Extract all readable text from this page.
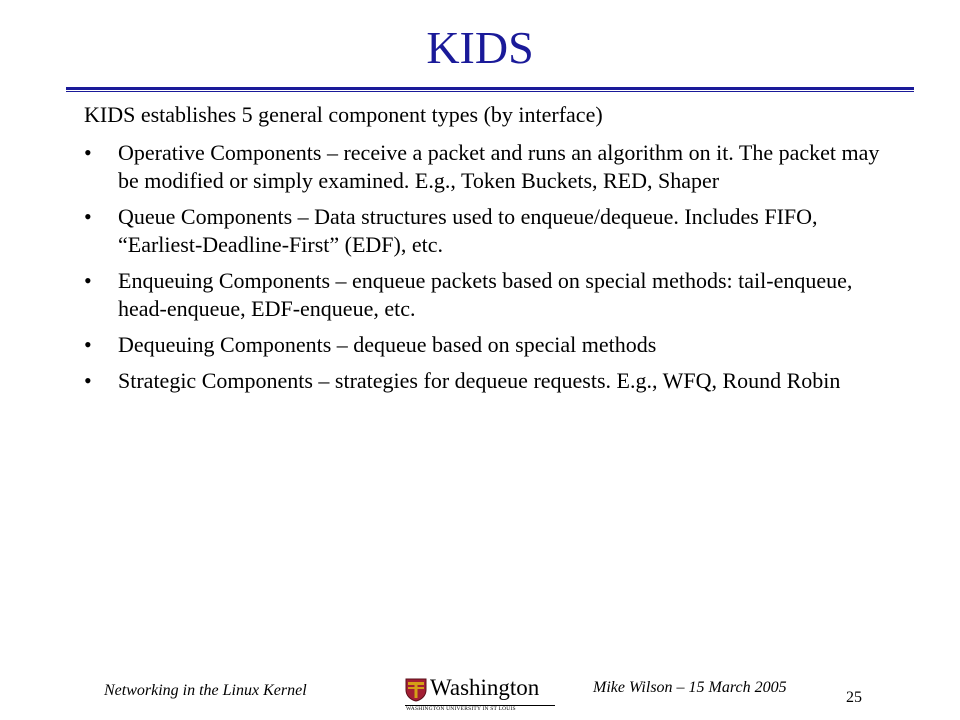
KIDS
KIDS establishes 5 general component types (by interface)
•	Operative Components – receive a packet and runs an algorithm on it. The packet may be modified or simply examined. E.g., Token Buckets, RED, Shaper
•	Queue Components – Data structures used to enqueue/dequeue. Includes FIFO, “Earliest-Deadline-First” (EDF), etc.
•	Enqueuing Components – enqueue packets based on special methods: tail-enqueue, head-enqueue, EDF-enqueue, etc.
•	Dequeuing Components – dequeue based on special methods
•	Strategic Components – strategies for dequeue requests. E.g., WFQ, Round Robin
Networking in the Linux Kernel	Washington
WASHINGTON UNIVERSITY IN ST LOUIS
Mike Wilson – 15 March 2005
25
